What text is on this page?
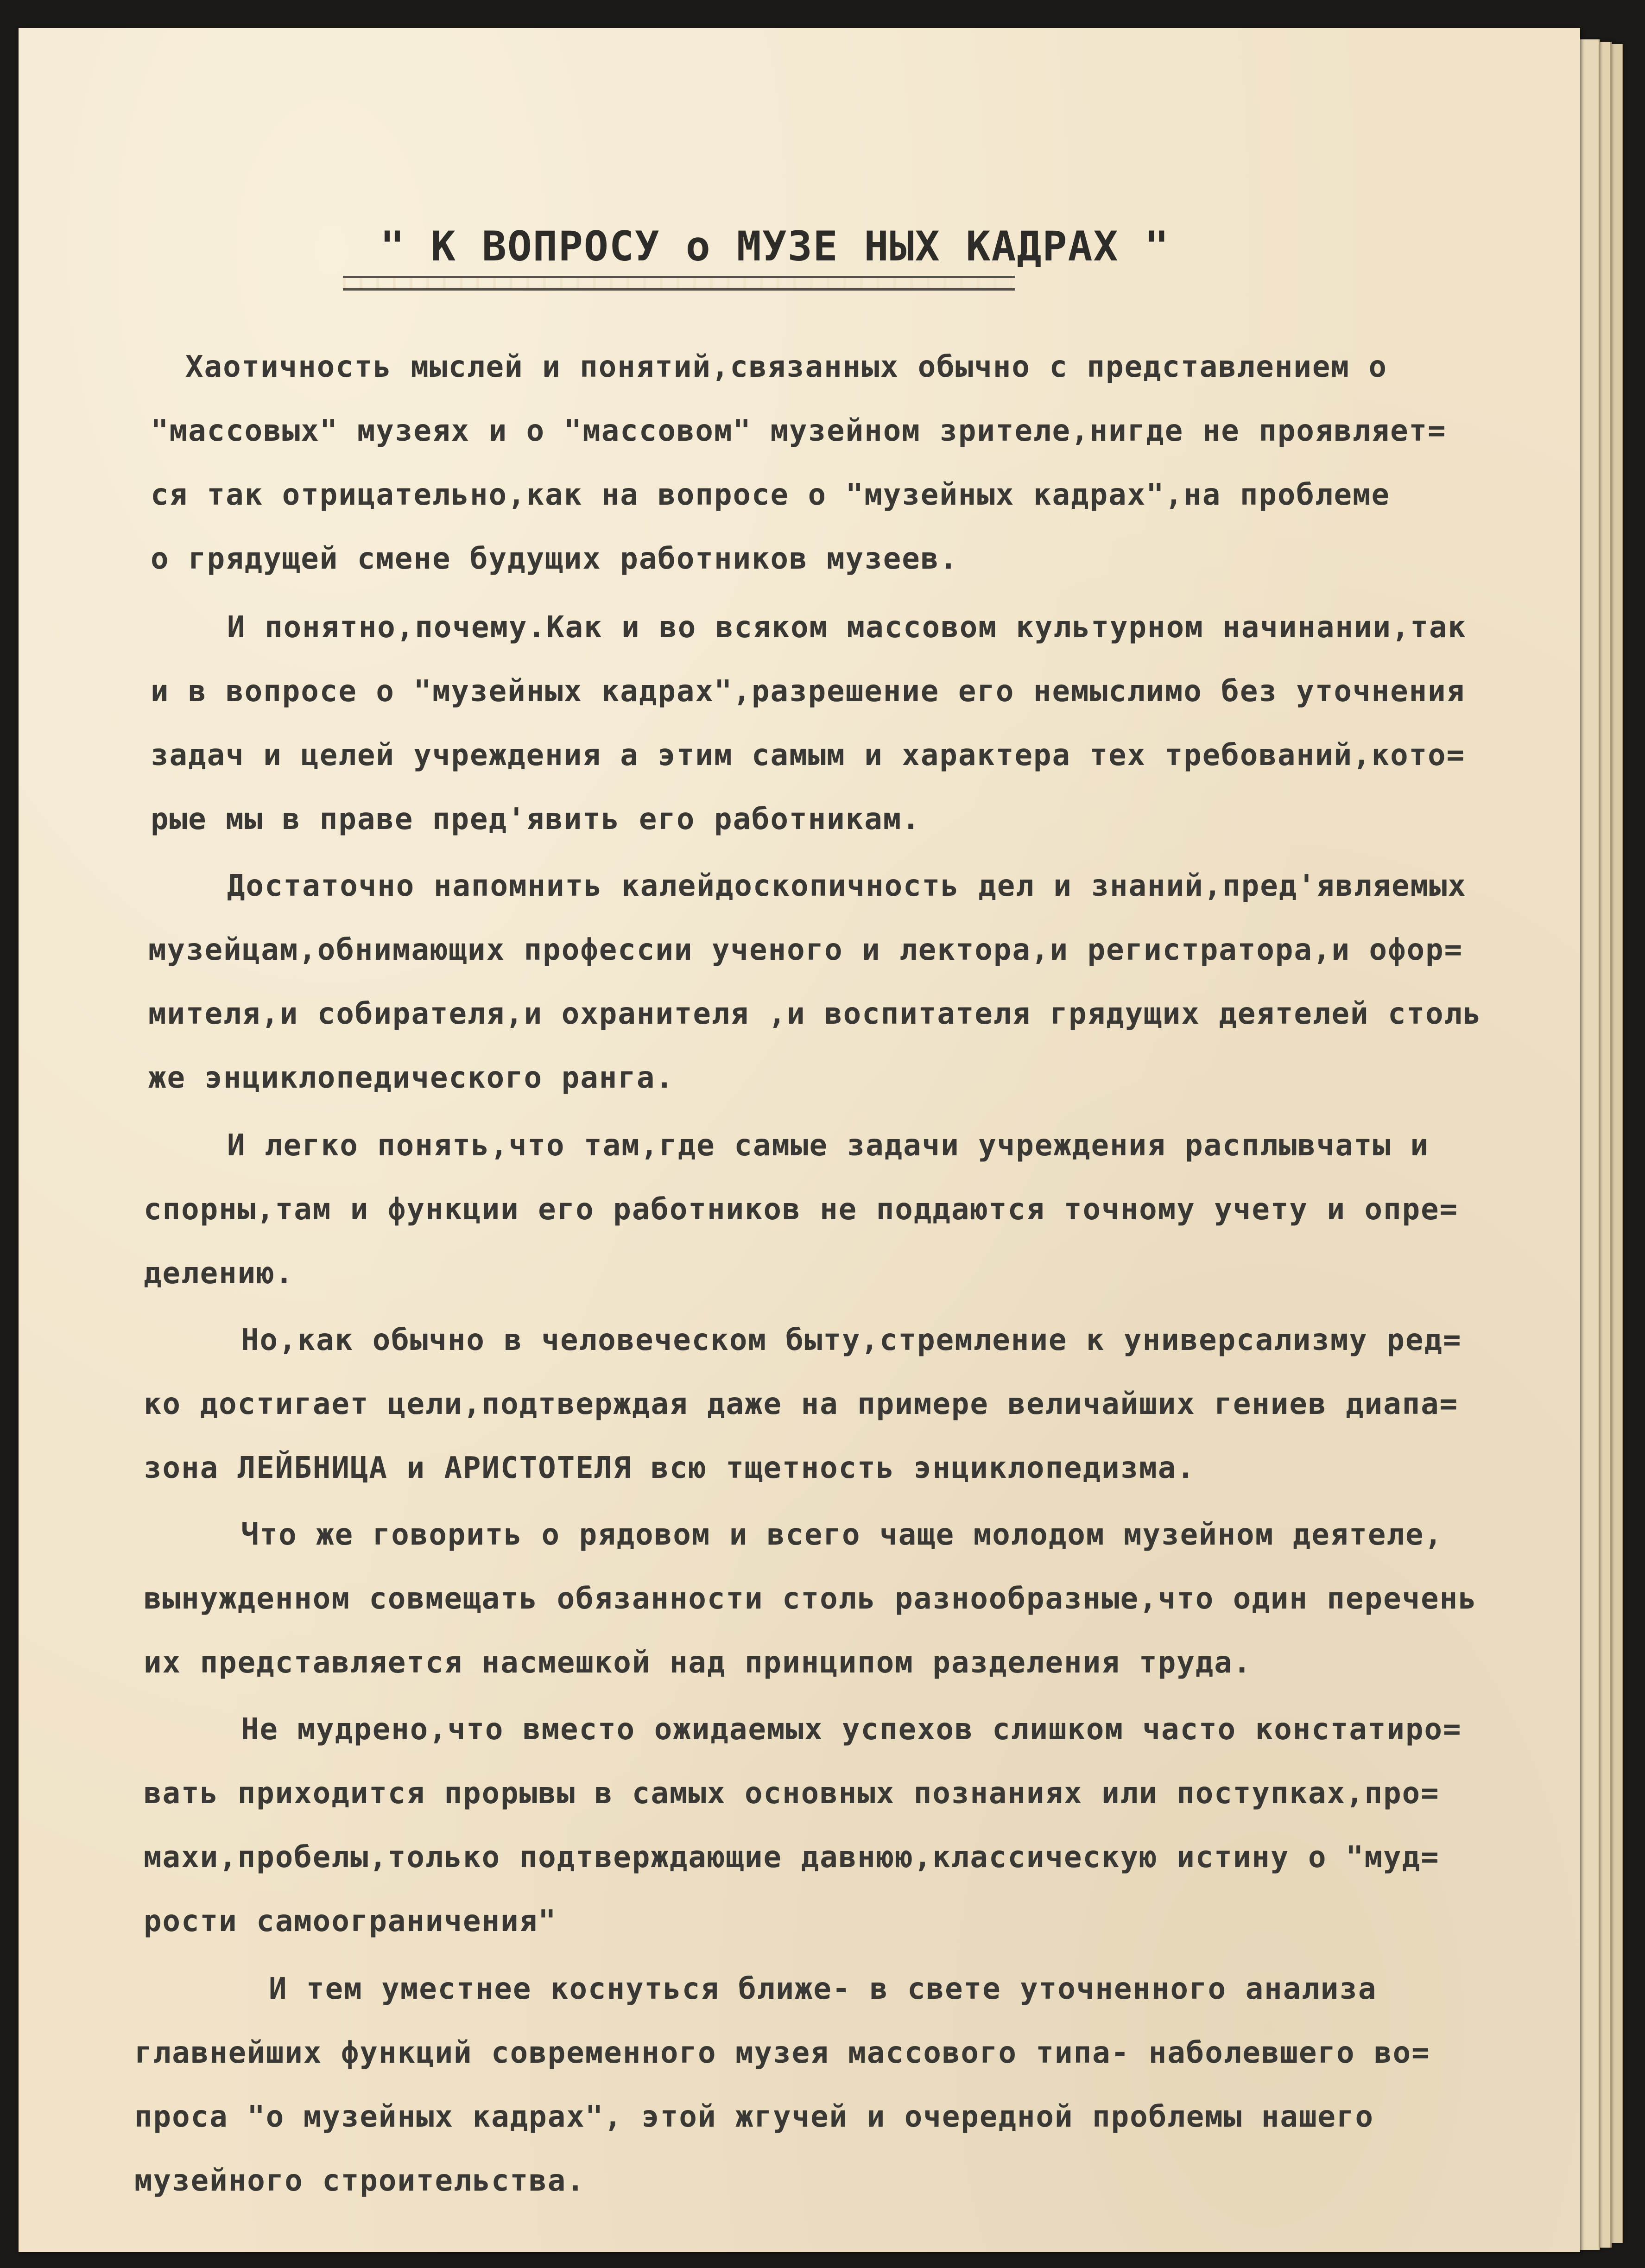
" К ВОПРОСУ о МУЗЕ НЫХ КАДРАХ "
Хаотичность мыслей и понятий,связанных обычно с представлением о
"массовых" музеях и о "массовом" музейном зрителе,нигде не проявляет=
ся так отрицательно,как на вопросе о "музейных кадрах",на проблеме
о грядущей смене будущих работников музеев.
И понятно,почему.Как и во всяком массовом культурном начинании,так
и в вопросе о "музейных кадрах",разрешение его немыслимо без уточнения
задач и целей учреждения а этим самым и характера тех требований,кото=
рые мы в праве пред'явить его работникам.
Достаточно напомнить калейдоскопичность дел и знаний,пред'являемых
музейцам,обнимающих профессии ученого и лектора,и регистратора,и офор=
мителя,и собирателя,и охранителя ,и воспитателя грядущих деятелей столь
же энциклопедического ранга.
И легко понять,что там,где самые задачи учреждения расплывчаты и
спорны,там и функции его работников не поддаются точному учету и опре=
делению.
Но,как обычно в человеческом быту,стремление к универсализму ред=
ко достигает цели,подтверждая даже на примере величайших гениев диапа=
зона ЛЕЙБНИЦА и АРИСТОТЕЛЯ всю тщетность энциклопедизма.
Что же говорить о рядовом и всего чаще молодом музейном деятеле,
вынужденном совмещать обязанности столь разнообразные,что один перечень
их представляется насмешкой над принципом разделения труда.
Не мудрено,что вместо ожидаемых успехов слишком часто констатиро=
вать приходится прорывы в самых основных познаниях или поступках,про=
махи,пробелы,только подтверждающие давнюю,классическую истину о "муд=
рости самоограничения"
И тем уместнее коснуться ближе- в свете уточненного анализа
главнейших функций современного музея массового типа- наболевшего во=
проса "о музейных кадрах", этой жгучей и очередной проблемы нашего
музейного строительства.
